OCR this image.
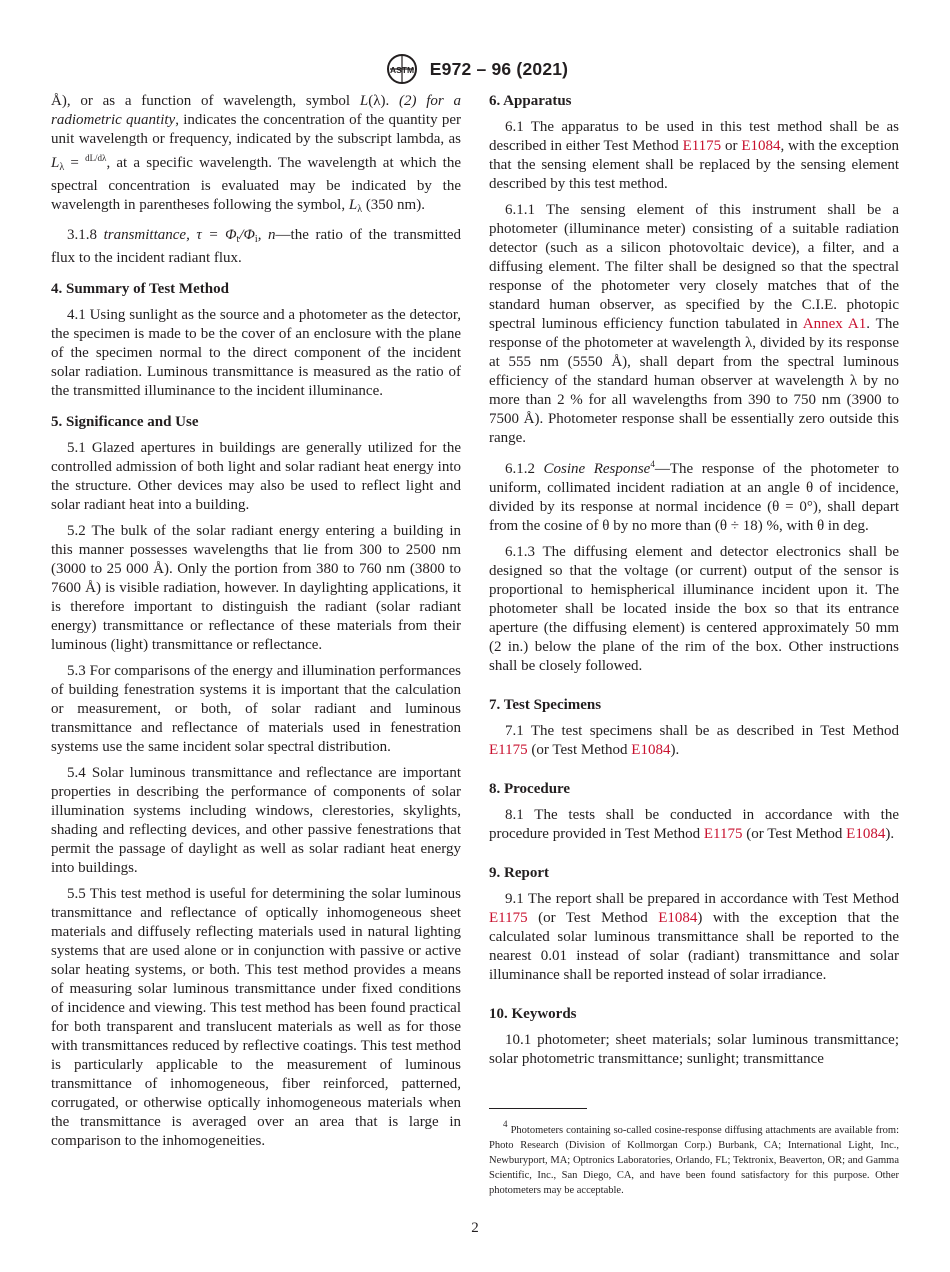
ASTM E972 – 96 (2021)

Å), or as a function of wavelength, symbol L(λ). (2) for a radiometric quantity, indicates the concentration of the quantity per unit wavelength or frequency, indicated by the subscript lambda, as $L_\lambda = ^{dL/d\lambda}$, at a specific wavelength. The wavelength at which the spectral concentration is evaluated may be indicated by the wavelength in parentheses following the symbol, $L_\lambda$ (350 nm).

3.1.8 transmittance, $\tau = \Phi_t/\Phi_i$, n—the ratio of the transmitted flux to the incident radiant flux.

4. Summary of Test Method

4.1 Using sunlight as the source and a photometer as the detector, the specimen is made to be the cover of an enclosure with the plane of the specimen normal to the direct component of the incident solar radiation. Luminous transmittance is measured as the ratio of the transmitted illuminance to the incident illuminance.

5. Significance and Use

5.1 Glazed apertures in buildings are generally utilized for the controlled admission of both light and solar radiant heat energy into the structure. Other devices may also be used to reflect light and solar radiant heat into a building.

5.2 The bulk of the solar radiant energy entering a building in this manner possesses wavelengths that lie from 300 to 2500 nm (3000 to 25 000 Å). Only the portion from 380 to 760 nm (3800 to 7600 Å) is visible radiation, however. In daylighting applications, it is therefore important to distinguish the radiant (solar radiant energy) transmittance or reflectance of these materials from their luminous (light) transmittance or reflectance.

5.3 For comparisons of the energy and illumination performances of building fenestration systems it is important that the calculation or measurement, or both, of solar radiant and luminous transmittance and reflectance of materials used in fenestration systems use the same incident solar spectral distribution.

5.4 Solar luminous transmittance and reflectance are important properties in describing the performance of components of solar illumination systems including windows, clerestories, skylights, shading and reflecting devices, and other passive fenestrations that permit the passage of daylight as well as solar radiant heat energy into buildings.

5.5 This test method is useful for determining the solar luminous transmittance and reflectance of optically inhomogeneous sheet materials and diffusely reflecting materials used in natural lighting systems that are used alone or in conjunction with passive or active solar heating systems, or both. This test method provides a means of measuring solar luminous transmittance under fixed conditions of incidence and viewing. This test method has been found practical for both transparent and translucent materials as well as for those with transmittances reduced by reflective coatings. This test method is particularly applicable to the measurement of luminous transmittance of inhomogeneous, fiber reinforced, patterned, corrugated, or otherwise optically inhomogeneous materials when the transmittance is averaged over an area that is large in comparison to the inhomogeneities.

6. Apparatus

6.1 The apparatus to be used in this test method shall be as described in either Test Method E1175 or E1084, with the exception that the sensing element shall be replaced by the sensing element described by this test method.

6.1.1 The sensing element of this instrument shall be a photometer (illuminance meter) consisting of a suitable radiation detector (such as a silicon photovoltaic device), a filter, and a diffusing element. The filter shall be designed so that the spectral response of the photometer very closely matches that of the standard human observer, as specified by the C.I.E. photopic spectral luminous efficiency function tabulated in Annex A1. The response of the photometer at wavelength λ, divided by its response at 555 nm (5550 Å), shall depart from the spectral luminous efficiency of the standard human observer at wavelength λ by no more than 2 % for all wavelengths from 390 to 750 nm (3900 to 7500 Å). Photometer response shall be essentially zero outside this range.

6.1.2 Cosine Response$^4$—The response of the photometer to uniform, collimated incident radiation at an angle θ of incidence, divided by its response at normal incidence (θ = 0°), shall depart from the cosine of θ by no more than (θ ÷ 18) %, with θ in deg.

6.1.3 The diffusing element and detector electronics shall be designed so that the voltage (or current) output of the sensor is proportional to hemispherical illuminance incident upon it. The photometer shall be located inside the box so that its entrance aperture (the diffusing element) is centered approximately 50 mm (2 in.) below the plane of the rim of the box. Other instructions shall be closely followed.

7. Test Specimens

7.1 The test specimens shall be as described in Test Method E1175 (or Test Method E1084).

8. Procedure

8.1 The tests shall be conducted in accordance with the procedure provided in Test Method E1175 (or Test Method E1084).

9. Report

9.1 The report shall be prepared in accordance with Test Method E1175 (or Test Method E1084) with the exception that the calculated solar luminous transmittance shall be reported to the nearest 0.01 instead of solar (radiant) transmittance and solar illuminance shall be reported instead of solar irradiance.

10. Keywords

10.1 photometer; sheet materials; solar luminous transmittance; solar photometric transmittance; sunlight; transmittance

4 Photometers containing so-called cosine-response diffusing attachments are available from: Photo Research (Division of Kollmorgan Corp.) Burbank, CA; International Light, Inc., Newburyport, MA; Optronics Laboratories, Orlando, FL; Tektronix, Beaverton, OR; and Gamma Scientific, Inc., San Diego, CA, and have been found satisfactory for this purpose. Other photometers may be acceptable.
2
